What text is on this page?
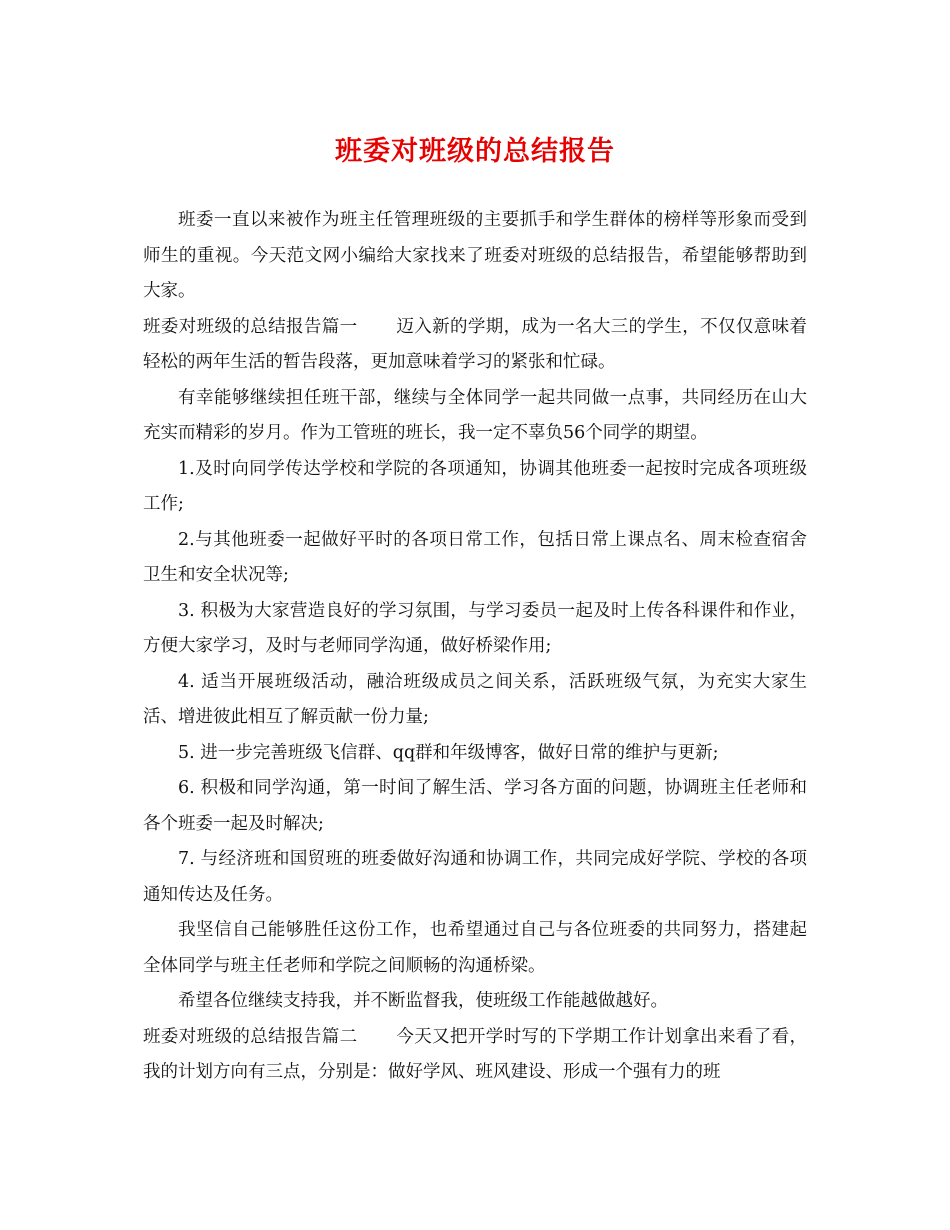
班委对班级的总结报告

班委一直以来被作为班主任管理班级的主要抓手和学生群体的榜样等形象而受到师生的重视。今天范文网小编给大家找来了班委对班级的总结报告，希望能够帮助到大家。

班委对班级的总结报告篇一 迈入新的学期，成为一名大三的学生，不仅仅意味着轻松的两年生活的暂告段落，更加意味着学习的紧张和忙碌。

有幸能够继续担任班干部，继续与全体同学一起共同做一点事，共同经历在山大充实而精彩的岁月。作为工管班的班长，我一定不辜负56个同学的期望。

1.及时向同学传达学校和学院的各项通知，协调其他班委一起按时完成各项班级工作;

2.与其他班委一起做好平时的各项日常工作，包括日常上课点名、周末检查宿舍卫生和安全状况等;

3. 积极为大家营造良好的学习氛围，与学习委员一起及时上传各科课件和作业，方便大家学习，及时与老师同学沟通，做好桥梁作用;

4. 适当开展班级活动，融洽班级成员之间关系，活跃班级气氛，为充实大家生活、增进彼此相互了解贡献一份力量;

5. 进一步完善班级飞信群、qq群和年级博客，做好日常的维护与更新;

6. 积极和同学沟通，第一时间了解生活、学习各方面的问题，协调班主任老师和各个班委一起及时解决;

7. 与经济班和国贸班的班委做好沟通和协调工作，共同完成好学院、学校的各项通知传达及任务。

我坚信自己能够胜任这份工作，也希望通过自己与各位班委的共同努力，搭建起全体同学与班主任老师和学院之间顺畅的沟通桥梁。

希望各位继续支持我，并不断监督我，使班级工作能越做越好。

班委对班级的总结报告篇二 今天又把开学时写的下学期工作计划拿出来看了看，我的计划方向有三点，分别是：做好学风、班风建设、形成一个强有力的班
